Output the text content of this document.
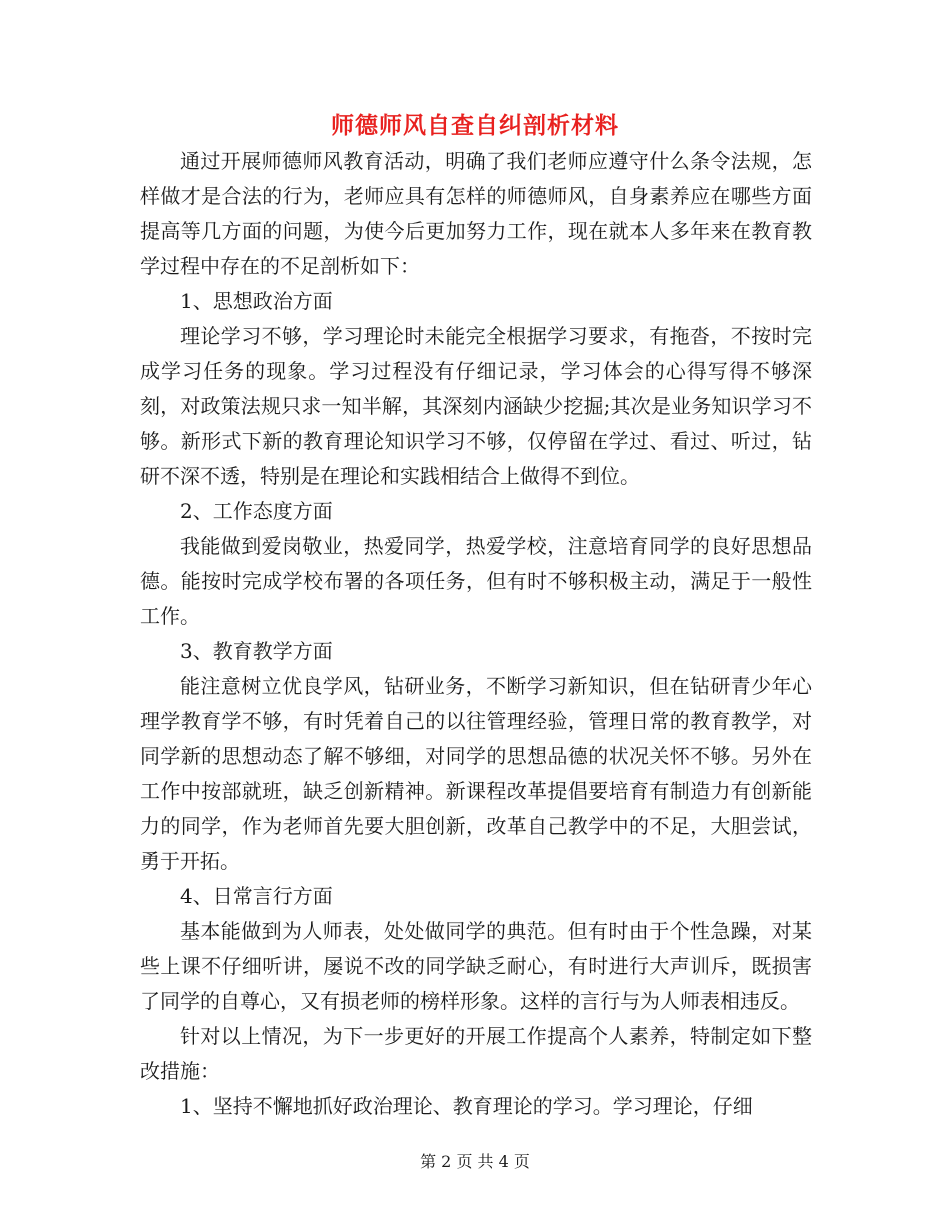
师德师风自查自纠剖析材料

通过开展师德师风教育活动，明确了我们老师应遵守什么条令法规，怎样做才是合法的行为，老师应具有怎样的师德师风，自身素养应在哪些方面提高等几方面的问题，为使今后更加努力工作，现在就本人多年来在教育教学过程中存在的不足剖析如下：

1、思想政治方面

理论学习不够，学习理论时未能完全根据学习要求，有拖沓，不按时完成学习任务的现象。学习过程没有仔细记录，学习体会的心得写得不够深刻，对政策法规只求一知半解，其深刻内涵缺少挖掘;其次是业务知识学习不够。新形式下新的教育理论知识学习不够，仅停留在学过、看过、听过，钻研不深不透，特别是在理论和实践相结合上做得不到位。

2、工作态度方面

我能做到爱岗敬业，热爱同学，热爱学校，注意培育同学的良好思想品德。能按时完成学校布署的各项任务，但有时不够积极主动，满足于一般性工作。

3、教育教学方面

能注意树立优良学风，钻研业务，不断学习新知识，但在钻研青少年心理学教育学不够，有时凭着自己的以往管理经验，管理日常的教育教学，对同学新的思想动态了解不够细，对同学的思想品德的状况关怀不够。另外在工作中按部就班，缺乏创新精神。新课程改革提倡要培育有制造力有创新能力的同学，作为老师首先要大胆创新，改革自己教学中的不足，大胆尝试，勇于开拓。

4、日常言行方面

基本能做到为人师表，处处做同学的典范。但有时由于个性急躁，对某些上课不仔细听讲，屡说不改的同学缺乏耐心，有时进行大声训斥，既损害了同学的自尊心，又有损老师的榜样形象。这样的言行与为人师表相违反。

针对以上情况，为下一步更好的开展工作提高个人素养，特制定如下整改措施：

1、坚持不懈地抓好政治理论、教育理论的学习。学习理论，仔细

第 2 页 共 4 页
